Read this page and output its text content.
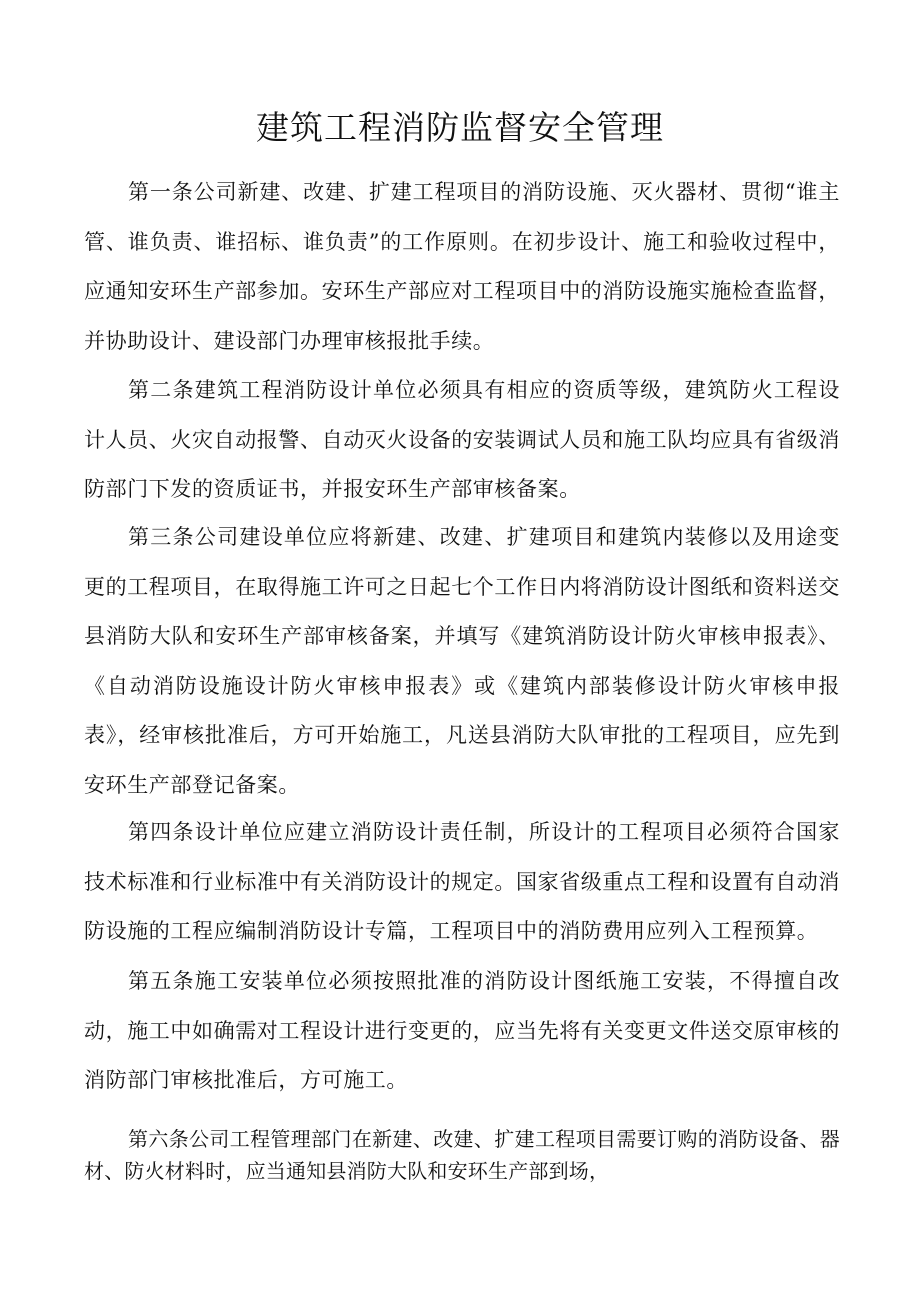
建筑工程消防监督安全管理

第一条公司新建、改建、扩建工程项目的消防设施、灭火器材、贯彻“谁主管、谁负责、谁招标、谁负责”的工作原则。在初步设计、施工和验收过程中，应通知安环生产部参加。安环生产部应对工程项目中的消防设施实施检查监督，并协助设计、建设部门办理审核报批手续。

第二条建筑工程消防设计单位必须具有相应的资质等级，建筑防火工程设计人员、火灾自动报警、自动灭火设备的安装调试人员和施工队均应具有省级消防部门下发的资质证书，并报安环生产部审核备案。

第三条公司建设单位应将新建、改建、扩建项目和建筑内装修以及用途变更的工程项目，在取得施工许可之日起七个工作日内将消防设计图纸和资料送交县消防大队和安环生产部审核备案，并填写《建筑消防设计防火审核申报表》、《自动消防设施设计防火审核申报表》或《建筑内部装修设计防火审核申报表》，经审核批准后，方可开始施工，凡送县消防大队审批的工程项目，应先到安环生产部登记备案。

第四条设计单位应建立消防设计责任制，所设计的工程项目必须符合国家技术标准和行业标准中有关消防设计的规定。国家省级重点工程和设置有自动消防设施的工程应编制消防设计专篇，工程项目中的消防费用应列入工程预算。

第五条施工安装单位必须按照批准的消防设计图纸施工安装，不得擅自改动，施工中如确需对工程设计进行变更的，应当先将有关变更文件送交原审核的消防部门审核批准后，方可施工。

第六条公司工程管理部门在新建、改建、扩建工程项目需要订购的消防设备、器材、防火材料时，应当通知县消防大队和安环生产部到场，
